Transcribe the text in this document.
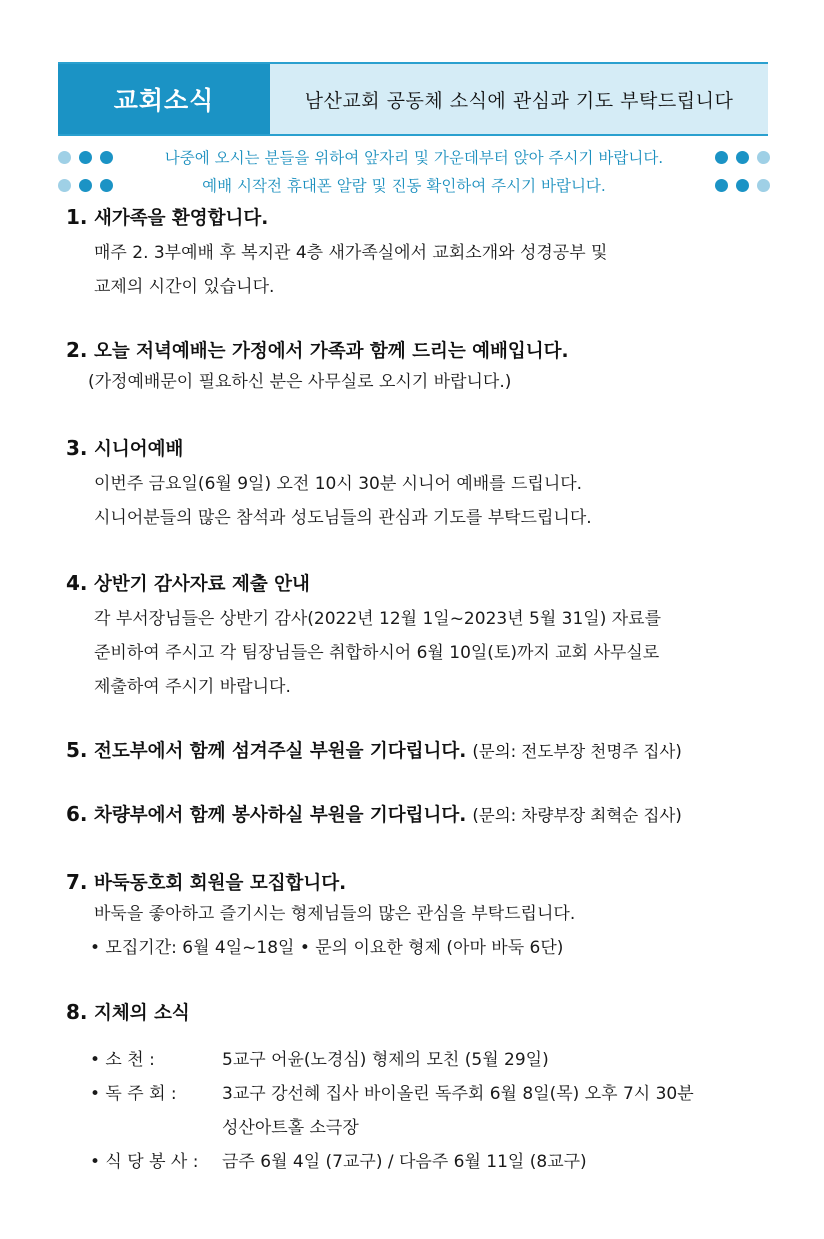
교회소식	남산교회 공동체 소식에 관심과 기도 부탁드립니다
나중에 오시는 분들을 위하여 앞자리 및 가운데부터 앉아 주시기 바랍니다.
예배 시작전 휴대폰 알람 및 진동 확인하여 주시기 바랍니다.
1. 새가족을 환영합니다.
매주 2. 3부예배 후 복지관 4층 새가족실에서 교회소개와 성경공부 및
교제의 시간이 있습니다.
2. 오늘 저녁예배는 가정에서 가족과 함께 드리는 예배입니다.
(가정예배문이 필요하신 분은 사무실로 오시기 바랍니다.)
3. 시니어예배
이번주 금요일(6월 9일) 오전 10시 30분 시니어 예배를 드립니다.
시니어분들의 많은 참석과 성도님들의 관심과 기도를 부탁드립니다.
4. 상반기 감사자료 제출 안내
각 부서장님들은 상반기 감사(2022년 12월 1일~2023년 5월 31일) 자료를
준비하여 주시고 각 팀장님들은 취합하시어 6월 10일(토)까지 교회 사무실로
제출하여 주시기 바랍니다.
5. 전도부에서 함께 섬겨주실 부원을 기다립니다. (문의: 전도부장 천명주 집사)
6. 차량부에서 함께 봉사하실 부원을 기다립니다. (문의: 차량부장 최혁순 집사)
7. 바둑동호회 회원을 모집합니다.
바둑을 좋아하고 즐기시는 형제님들의 많은 관심을 부탁드립니다.
• 모집기간: 6월 4일~18일 • 문의 이요한 형제 (아마 바둑 6단)
8. 지체의 소식
• 소 천 :	5교구 어윤(노경심) 형제의 모친 (5월 29일)
• 독 주 회 :	3교구 강선혜 집사 바이올린 독주회 6월 8일(목) 오후 7시 30분
성산아트홀 소극장
• 식 당 봉 사 :	금주 6월 4일 (7교구) / 다음주 6월 11일 (8교구)
